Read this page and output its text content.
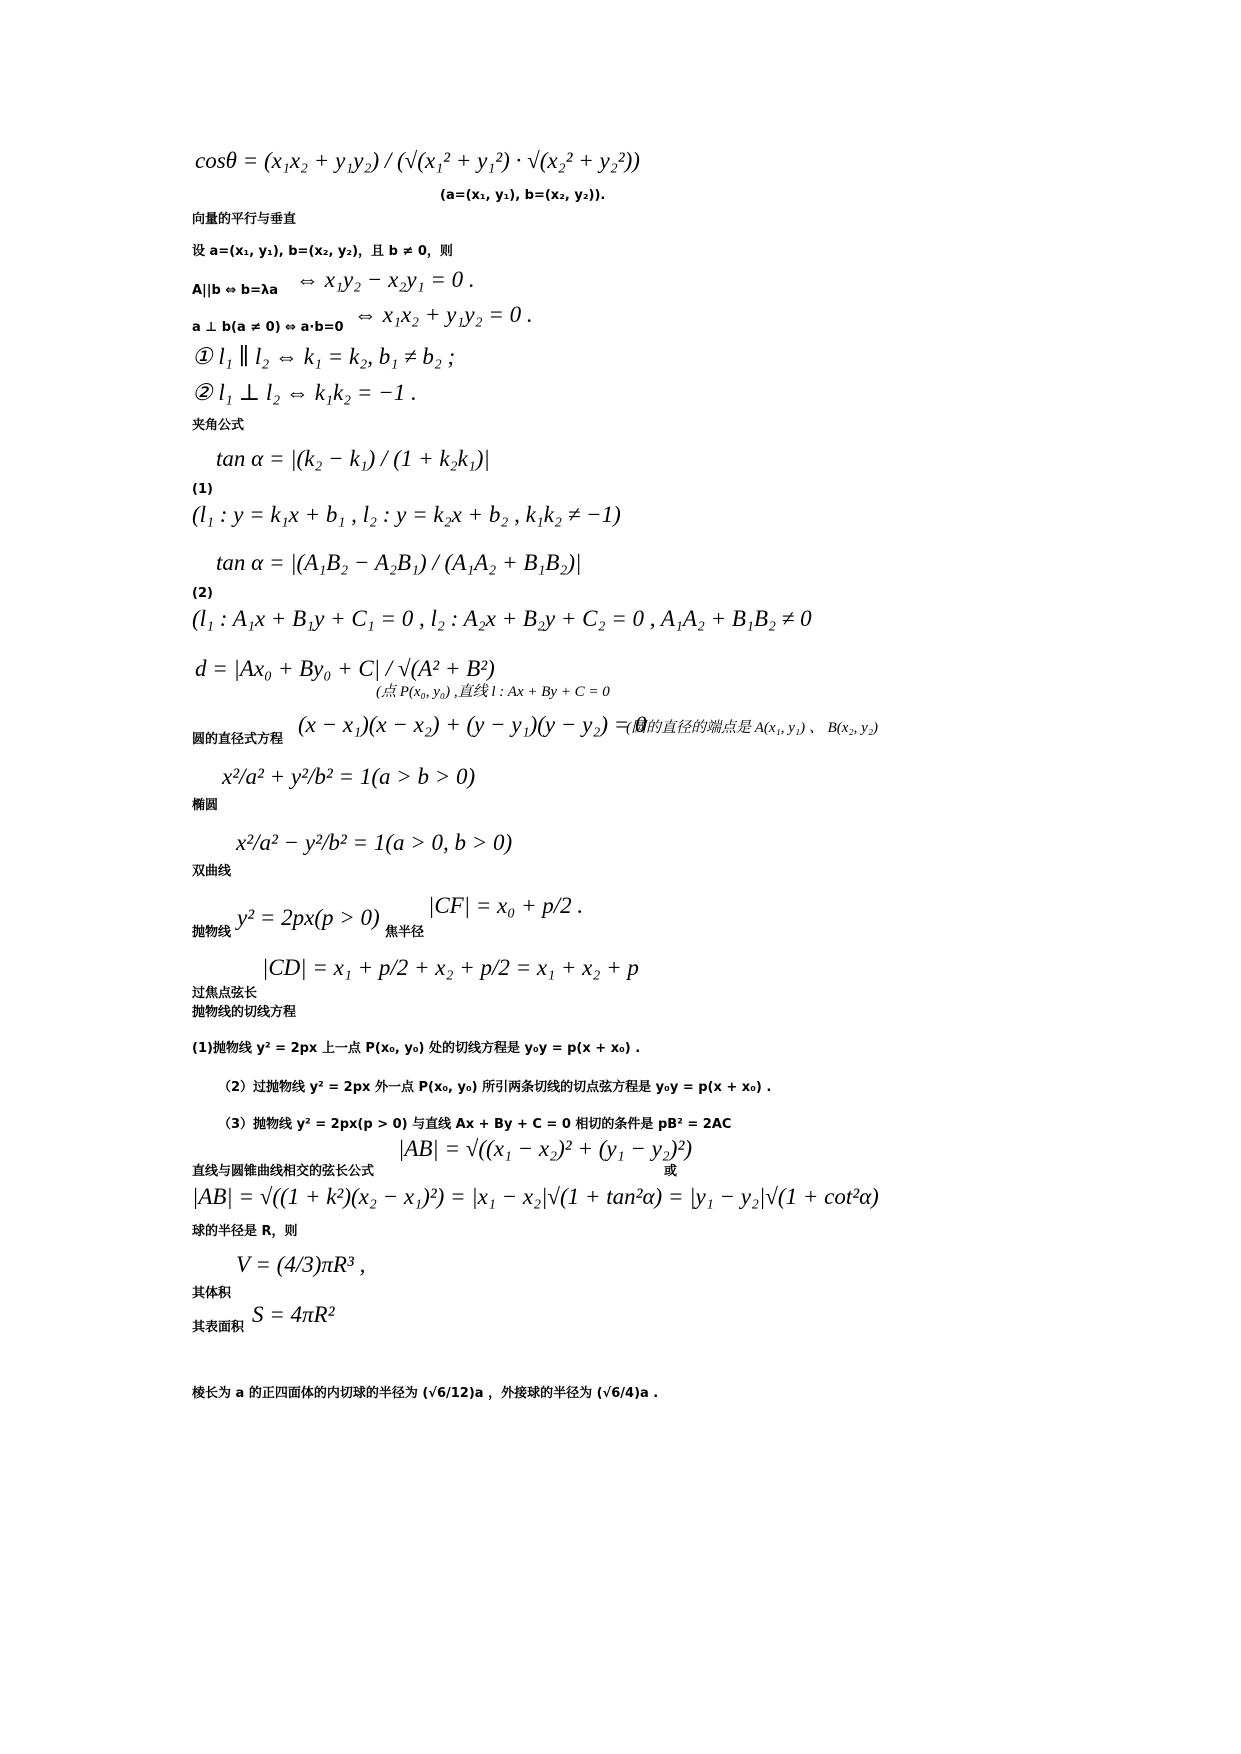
cosθ = (x₁x₂ + y₁y₂) / (√(x₁² + y₁²) · √(x₂² + y₂²))
(a=(x₁, y₁), b=(x₂, y₂)).
向量的平行与垂直
设 a=(x₁, y₁), b=(x₂, y₂)，且 b ≠ 0，则
A||b ⇔ b=λa ⇔ x₁y₂ − x₂y₁ = 0 .
a ⊥ b(a ≠ 0) ⇔ a·b=0
⇔ x₁x₂ + y₁y₂ = 0 .
① l₁ ∥ l₂ ⇔ k₁ = k₂, b₁ ≠ b₂ ;
② l₁ ⊥ l₂ ⇔ k₁k₂ = −1 .
夹角公式
tan α = |(k₂ − k₁) / (1 + k₂k₁)|
(1)
(l₁ : y = k₁x + b₁ , l₂ : y = k₂x + b₂ , k₁k₂ ≠ −1)
tan α = |(A₁B₂ − A₂B₁) / (A₁A₂ + B₁B₂)|
(2)
(l₁ : A₁x + B₁y + C₁ = 0 , l₂ : A₂x + B₂y + C₂ = 0 , A₁A₂ + B₁B₂ ≠ 0
d = |Ax₀ + By₀ + C| / √(A² + B²)
(点 P(x₀, y₀) ,直线 l : Ax + By + C = 0
圆的直径式方程
(x − x₁)(x − x₂) + (y − y₁)(y − y₂) = 0
(圆的直径的端点是 A(x₁, y₁) 、 B(x₂, y₂)
椭圆
x²/a² + y²/b² = 1(a > b > 0)
双曲线
x²/a² − y²/b² = 1(a > 0, b > 0)
抛物线
y² = 2px(p > 0)
焦半径
|CF| = x₀ + p/2 .
|CD| = x₁ + p/2 + x₂ + p/2 = x₁ + x₂ + p
过焦点弦长
抛物线的切线方程
(1)抛物线 y² = 2px 上一点 P(x₀, y₀) 处的切线方程是 y₀y = p(x + x₀) .
（2）过抛物线 y² = 2px 外一点 P(x₀, y₀) 所引两条切线的切点弦方程是 y₀y = p(x + x₀) .
（3）抛物线 y² = 2px(p > 0) 与直线 Ax + By + C = 0 相切的条件是 pB² = 2AC
直线与圆锥曲线相交的弦长公式
|AB| = √((x₁ − x₂)² + (y₁ − y₂)²)
或
|AB| = √((1 + k²)(x₂ − x₁)²) = |x₁ − x₂|√(1 + tan²α) = |y₁ − y₂|√(1 + cot²α)
球的半径是 R，则
其体积
V = (4/3)πR³ ,
其表面积
S = 4πR²
棱长为 a 的正四面体的内切球的半径为 (√6/12)a ，外接球的半径为 (√6/4)a .
